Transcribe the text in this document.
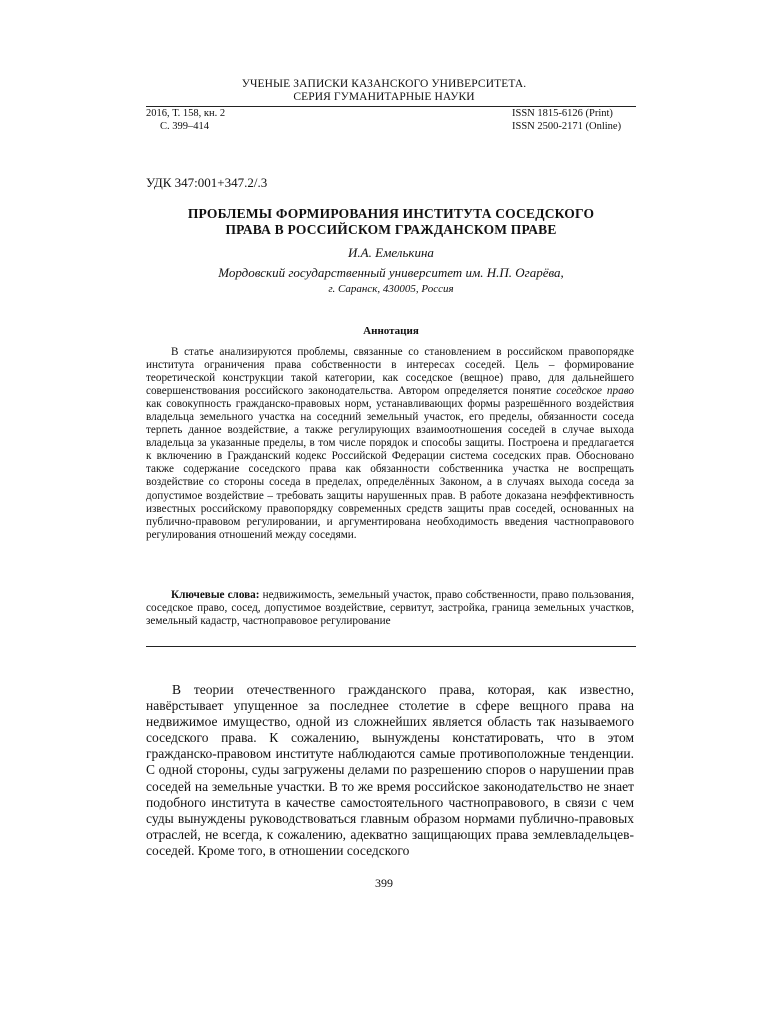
УЧЕНЫЕ ЗАПИСКИ КАЗАНСКОГО УНИВЕРСИТЕТА.
СЕРИЯ ГУМАНИТАРНЫЕ НАУКИ
2016, Т. 158, кн. 2
С. 399–414
ISSN 1815-6126 (Print)
ISSN 2500-2171 (Online)
УДК 347:001+347.2/.3
ПРОБЛЕМЫ ФОРМИРОВАНИЯ ИНСТИТУТА СОСЕДСКОГО
ПРАВА В РОССИЙСКОМ ГРАЖДАНСКОМ ПРАВЕ
И.А. Емелькина
Мордовский государственный университет им. Н.П. Огарёва,
г. Саранск, 430005, Россия
Аннотация

В статье анализируются проблемы, связанные со становлением в российском правопорядке института ограничения права собственности в интересах соседей. Цель – формирование теоретической конструкции такой категории, как соседское (вещное) право, для дальнейшего совершенствования российского законодательства. Автором определяется понятие соседское право как совокупность гражданско-правовых норм, устанавливающих формы разрешённого воздействия владельца земельного участка на соседний земельный участок, его пределы, обязанности соседа терпеть данное воздействие, а также регулирующих взаимоотношения соседей в случае выхода владельца за указанные пределы, в том числе порядок и способы защиты. Построена и предлагается к включению в Гражданский кодекс Российской Федерации система соседских прав. Обосновано также содержание соседского права как обязанности собственника участка не воспрещать воздействие со стороны соседа в пределах, определённых Законом, а в случаях выхода соседа за допустимое воздействие – требовать защиты нарушенных прав. В работе доказана неэффективность известных российскому правопорядку современных средств защиты прав соседей, основанных на публично-правовом регулировании, и аргументирована необходимость введения частноправового регулирования отношений между соседями.

Ключевые слова: недвижимость, земельный участок, право собственности, право пользования, соседское право, сосед, допустимое воздействие, сервитут, застройка, граница земельных участков, земельный кадастр, частноправовое регулирование

В теории отечественного гражданского права, которая, как известно, навёрстывает упущенное за последнее столетие в сфере вещного права на недвижимое имущество, одной из сложнейших является область так называемого соседского права. К сожалению, вынуждены констатировать, что в этом гражданско-правовом институте наблюдаются самые противоположные тенденции. С одной стороны, суды загружены делами по разрешению споров о нарушении прав соседей на земельные участки. В то же время российское законодательство не знает подобного института в качестве самостоятельного частноправового, в связи с чем суды вынуждены руководствоваться главным образом нормами публично-правовых отраслей, не всегда, к сожалению, адекватно защищающих права землевладельцев-соседей. Кроме того, в отношении соседского

399
